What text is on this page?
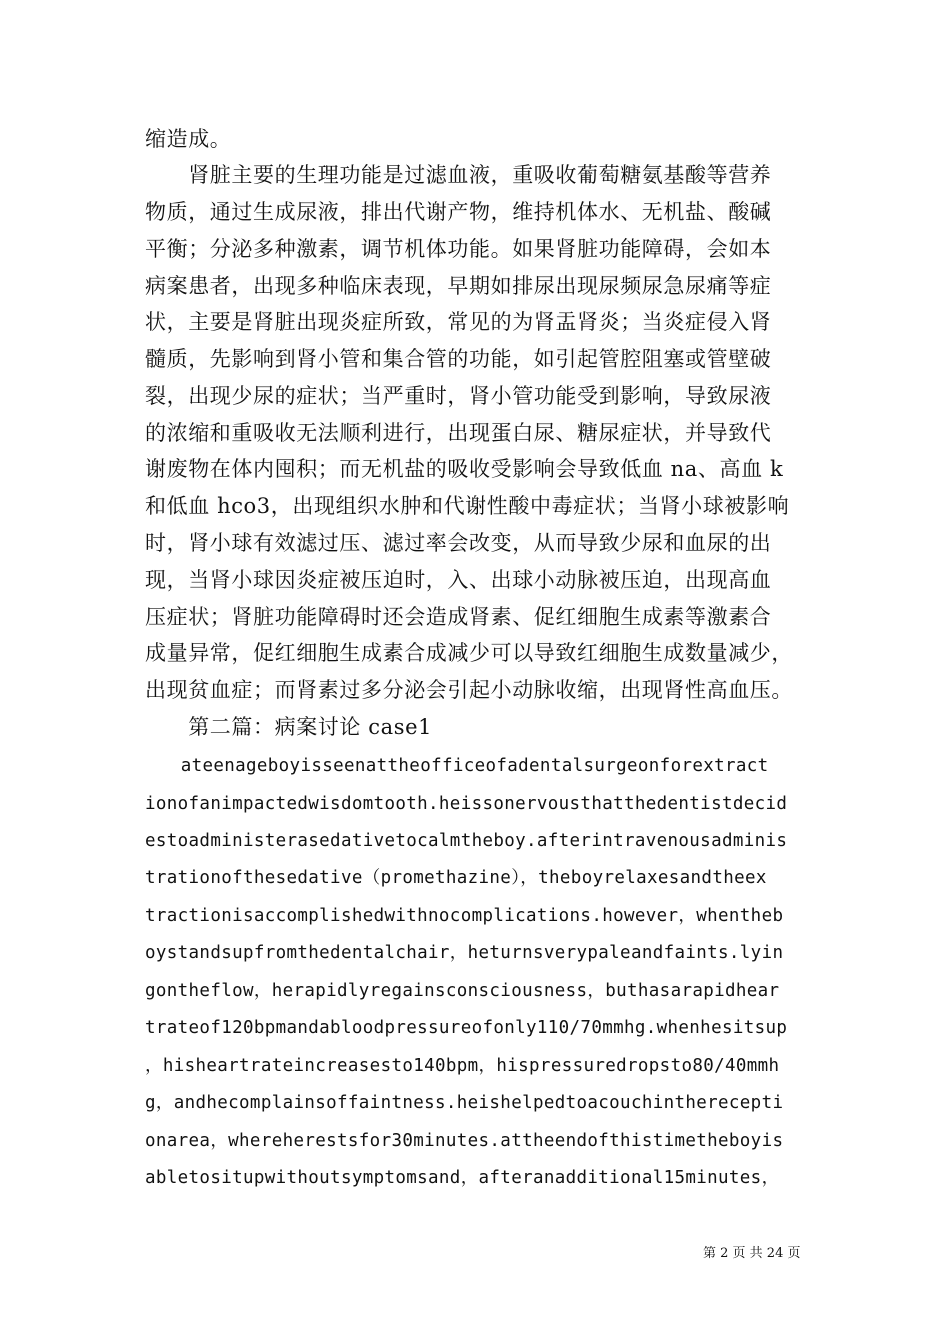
缩造成。
　　肾脏主要的生理功能是过滤血液，重吸收葡萄糖氨基酸等营养
物质，通过生成尿液，排出代谢产物，维持机体水、无机盐、酸碱
平衡；分泌多种激素，调节机体功能。如果肾脏功能障碍，会如本
病案患者，出现多种临床表现，早期如排尿出现尿频尿急尿痛等症
状，主要是肾脏出现炎症所致，常见的为肾盂肾炎；当炎症侵入肾
髓质，先影响到肾小管和集合管的功能，如引起管腔阻塞或管壁破
裂，出现少尿的症状；当严重时，肾小管功能受到影响，导致尿液
的浓缩和重吸收无法顺利进行，出现蛋白尿、糖尿症状，并导致代
谢废物在体内囤积；而无机盐的吸收受影响会导致低血 na、高血 k
和低血 hco3，出现组织水肿和代谢性酸中毒症状；当肾小球被影响
时，肾小球有效滤过压、滤过率会改变，从而导致少尿和血尿的出
现，当肾小球因炎症被压迫时，入、出球小动脉被压迫，出现高血
压症状；肾脏功能障碍时还会造成肾素、促红细胞生成素等激素合
成量异常，促红细胞生成素合成减少可以导致红细胞生成数量减少，
出现贫血症；而肾素过多分泌会引起小动脉收缩，出现肾性高血压。
　　第二篇：病案讨论 case1
　　ateenageboyisseenattheofficeofadentalsurgeonforextract
ionofanimpactedwisdomtooth.heissonervousthatthedentistdecid
estoadministerasedativetocalmtheboy.afterintravenousadminis
trationofthesedative（promethazine），theboyrelaxesandtheex
tractionisaccomplishedwithnocomplications.however，whentheb
oystandsupfromthedentalchair，heturnsverypaleandfaints.lyin
gontheflow，herapidlyregainsconsciousness，buthasarapidhear
trateof120bpmandabloodpressureofonly110/70mmhg.whenhesitsup
，hisheartrateincreasesto140bpm，hispressuredropsto80/40mmh
g，andhecomplainsoffaintness.heishelpedtoacouchintherecepti
onarea，whereherestsfor30minutes.attheendofthistimetheboyis
abletositupwithoutsymptomsand，afteranadditional15minutes，
第 2 页 共 24 页
